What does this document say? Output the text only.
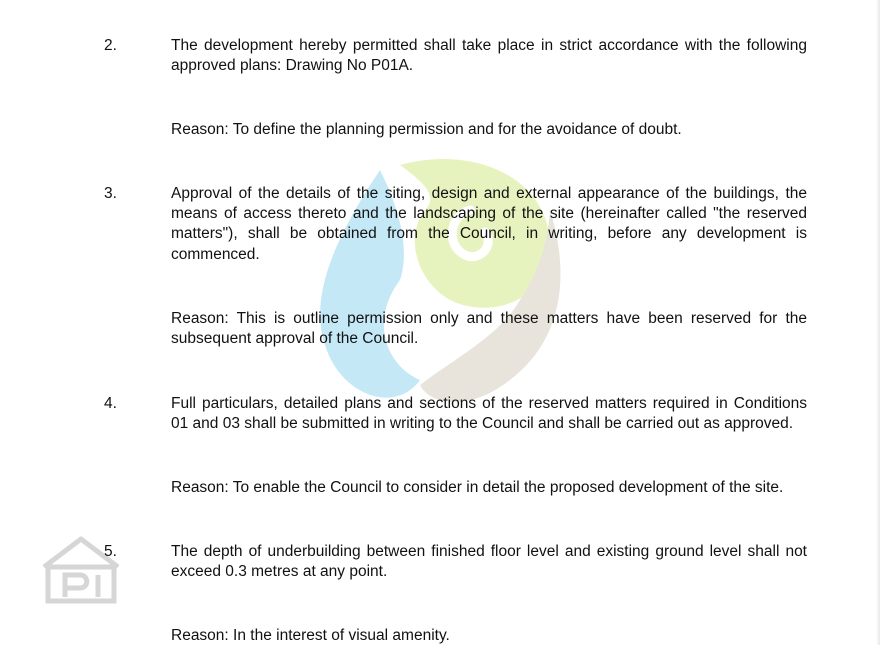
2.	The development hereby permitted shall take place in strict accordance with the following approved plans: Drawing No P01A.

Reason: To define the planning permission and for the avoidance of doubt.

3.	Approval of the details of the siting, design and external appearance of the buildings, the means of access thereto and the landscaping of the site (hereinafter called "the reserved matters"), shall be obtained from the Council, in writing, before any development is commenced.

Reason: This is outline permission only and these matters have been reserved for the subsequent approval of the Council.

4.	Full particulars, detailed plans and sections of the reserved matters required in Conditions 01 and 03 shall be submitted in writing to the Council and shall be carried out as approved.

Reason: To enable the Council to consider in detail the proposed development of the site.

5.	The depth of underbuilding between finished floor level and existing ground level shall not exceed 0.3 metres at any point.

Reason: In the interest of visual amenity.
